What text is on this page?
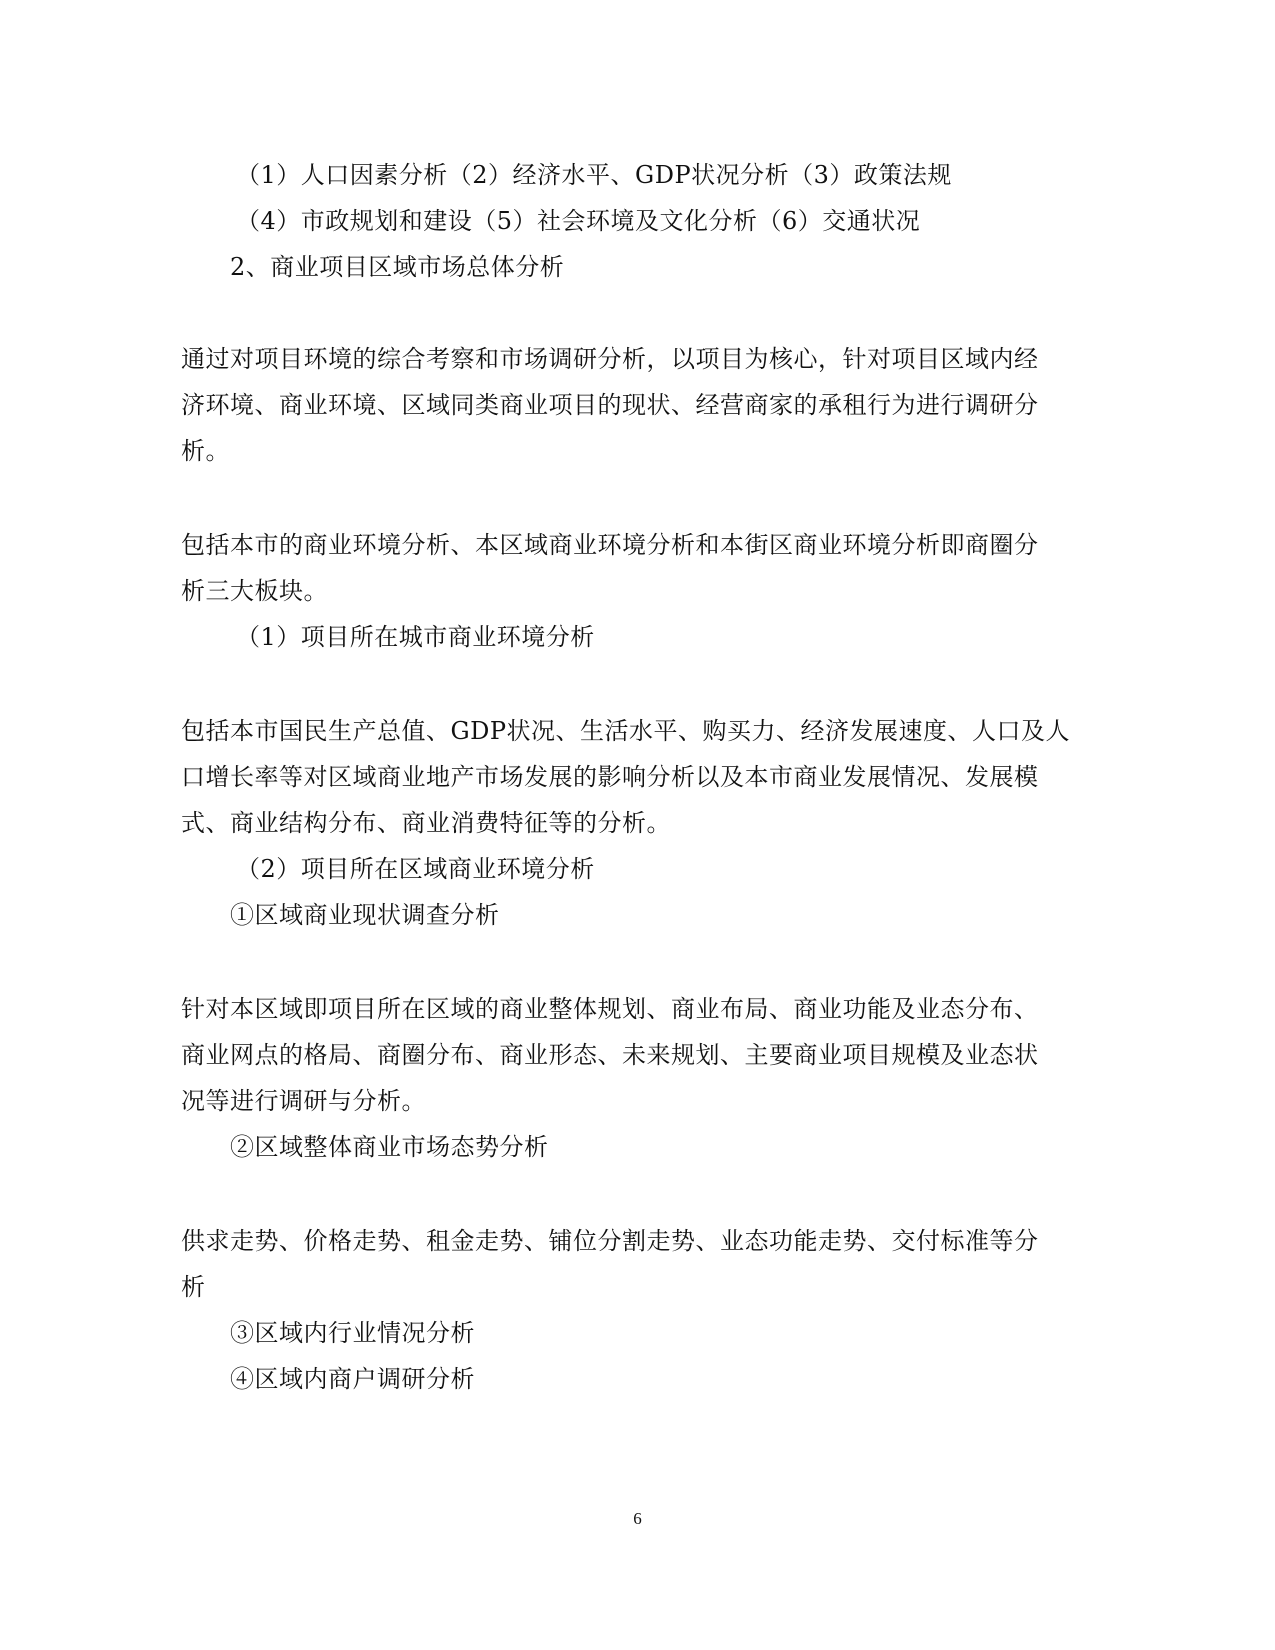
（1）人口因素分析（2）经济水平、GDP状况分析（3）政策法规
（4）市政规划和建设（5）社会环境及文化分析（6）交通状况
2、商业项目区域市场总体分析
通过对项目环境的综合考察和市场调研分析，以项目为核心，针对项目区域内经
济环境、商业环境、区域同类商业项目的现状、经营商家的承租行为进行调研分
析。
包括本市的商业环境分析、本区域商业环境分析和本街区商业环境分析即商圈分
析三大板块。
（1）项目所在城市商业环境分析
包括本市国民生产总值、GDP状况、生活水平、购买力、经济发展速度、人口及人
口增长率等对区域商业地产市场发展的影响分析以及本市商业发展情况、发展模
式、商业结构分布、商业消费特征等的分析。
（2）项目所在区域商业环境分析
①区域商业现状调查分析
针对本区域即项目所在区域的商业整体规划、商业布局、商业功能及业态分布、
商业网点的格局、商圈分布、商业形态、未来规划、主要商业项目规模及业态状
况等进行调研与分析。
②区域整体商业市场态势分析
供求走势、价格走势、租金走势、铺位分割走势、业态功能走势、交付标准等分
析
③区域内行业情况分析
④区域内商户调研分析
6
